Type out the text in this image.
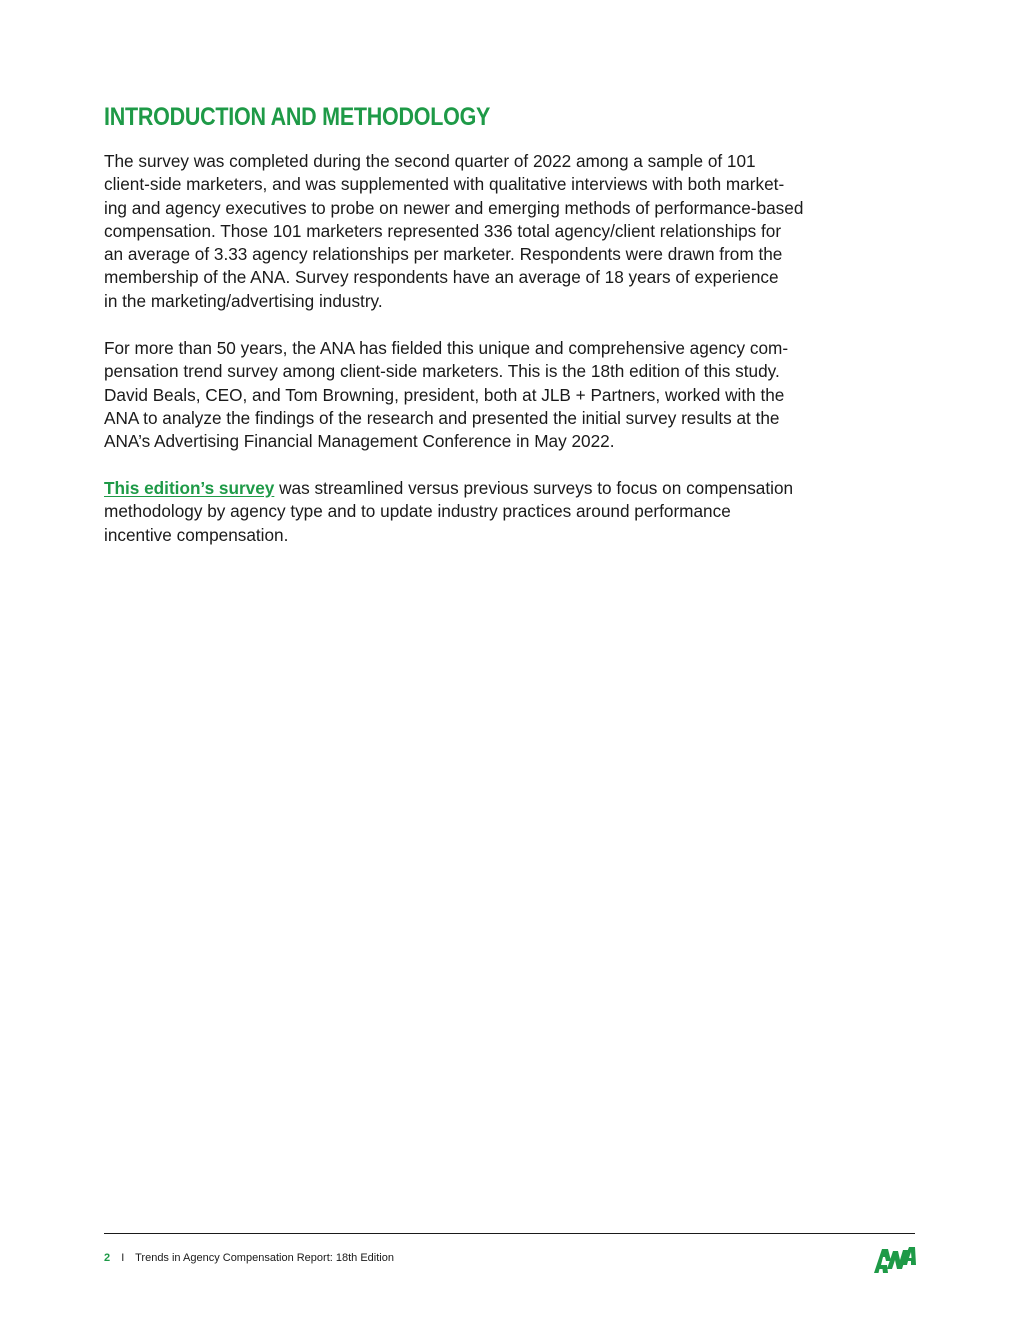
INTRODUCTION AND METHODOLOGY

The survey was completed during the second quarter of 2022 among a sample of 101
client-side marketers, and was supplemented with qualitative interviews with both market-
ing and agency executives to probe on newer and emerging methods of performance-based
compensation. Those 101 marketers represented 336 total agency/client relationships for
an average of 3.33 agency relationships per marketer. Respondents were drawn from the
membership of the ANA. Survey respondents have an average of 18 years of experience
in the marketing/advertising industry.

For more than 50 years, the ANA has fielded this unique and comprehensive agency com-
pensation trend survey among client-side marketers. This is the 18th edition of this study.
David Beals, CEO, and Tom Browning, president, both at JLB + Partners, worked with the
ANA to analyze the findings of the research and presented the initial survey results at the
ANA’s Advertising Financial Management Conference in May 2022.

This edition’s survey was streamlined versus previous surveys to focus on compensation
methodology by agency type and to update industry practices around performance
incentive compensation.

2 I Trends in Agency Compensation Report: 18th Edition
